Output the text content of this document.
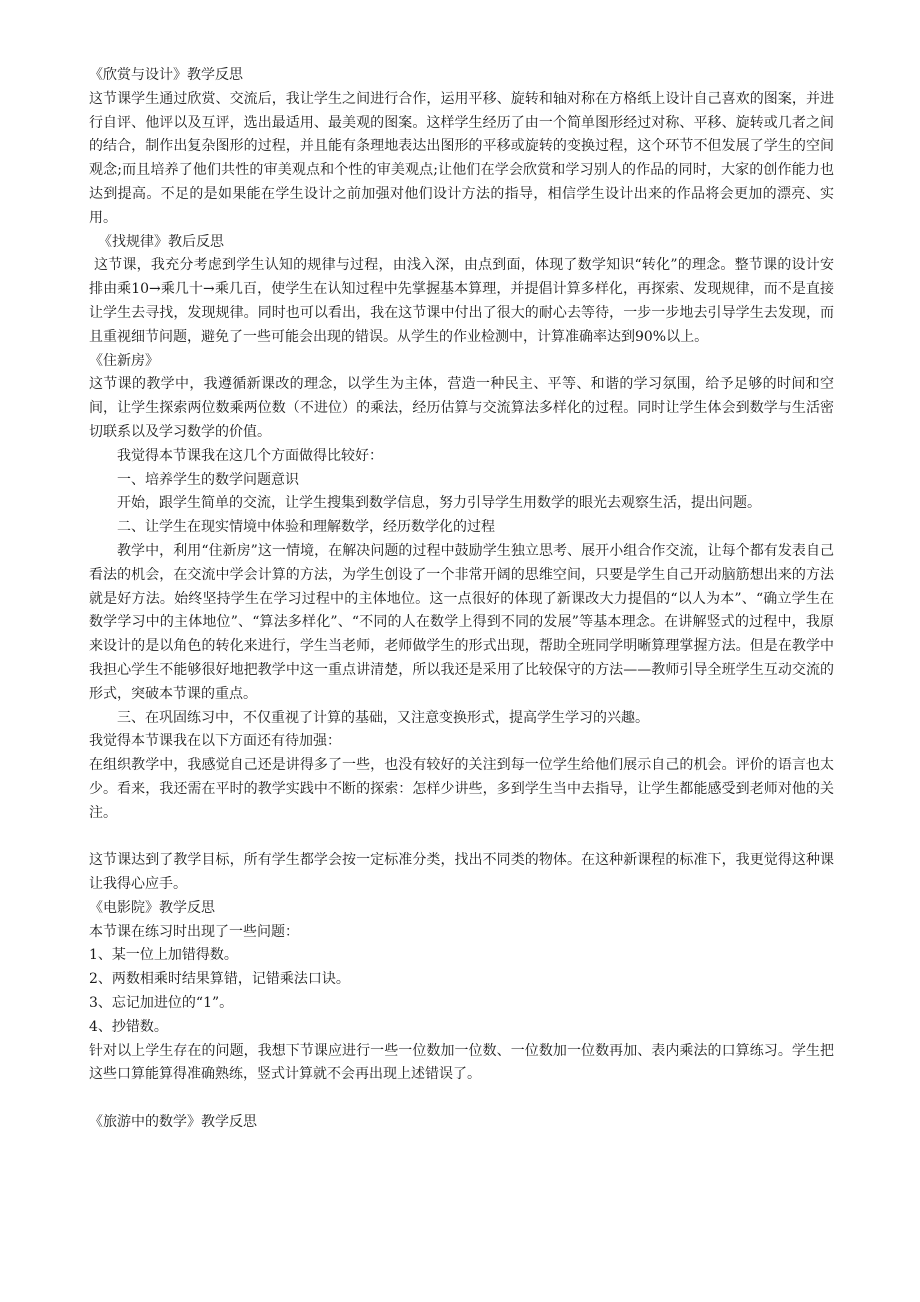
《欣赏与设计》教学反思

这节课学生通过欣赏、交流后，我让学生之间进行合作，运用平移、旋转和轴对称在方格纸上设计自己喜欢的图案，并进行自评、他评以及互评，选出最适用、最美观的图案。这样学生经历了由一个简单图形经过对称、平移、旋转或几者之间的结合，制作出复杂图形的过程，并且能有条理地表达出图形的平移或旋转的变换过程，这个环节不但发展了学生的空间观念;而且培养了他们共性的审美观点和个性的审美观点;让他们在学会欣赏和学习别人的作品的同时，大家的创作能力也达到提高。不足的是如果能在学生设计之前加强对他们设计方法的指导，相信学生设计出来的作品将会更加的漂亮、实用。

《找规律》教后反思

这节课，我充分考虑到学生认知的规律与过程，由浅入深，由点到面，体现了数学知识“转化”的理念。整节课的设计安排由乘10→乘几十→乘几百，使学生在认知过程中先掌握基本算理，并提倡计算多样化，再探索、发现规律，而不是直接让学生去寻找，发现规律。同时也可以看出，我在这节课中付出了很大的耐心去等待，一步一步地去引导学生去发现，而且重视细节问题，避免了一些可能会出现的错误。从学生的作业检测中，计算准确率达到90%以上。

《住新房》

这节课的教学中，我遵循新课改的理念，以学生为主体，营造一种民主、平等、和谐的学习氛围，给予足够的时间和空间，让学生探索两位数乘两位数（不进位）的乘法，经历估算与交流算法多样化的过程。同时让学生体会到数学与生活密切联系以及学习数学的价值。

我觉得本节课我在这几个方面做得比较好：

一、培养学生的数学问题意识

开始，跟学生简单的交流，让学生搜集到数学信息，努力引导学生用数学的眼光去观察生活，提出问题。

二、让学生在现实情境中体验和理解数学，经历数学化的过程

教学中，利用“住新房”这一情境，在解决问题的过程中鼓励学生独立思考、展开小组合作交流，让每个都有发表自己看法的机会，在交流中学会计算的方法，为学生创设了一个非常开阔的思维空间，只要是学生自己开动脑筋想出来的方法就是好方法。始终坚持学生在学习过程中的主体地位。这一点很好的体现了新课改大力提倡的“以人为本”、“确立学生在数学学习中的主体地位”、“算法多样化”、“不同的人在数学上得到不同的发展”等基本理念。在讲解竖式的过程中，我原来设计的是以角色的转化来进行，学生当老师，老师做学生的形式出现，帮助全班同学明晰算理掌握方法。但是在教学中我担心学生不能够很好地把教学中这一重点讲清楚，所以我还是采用了比较保守的方法——教师引导全班学生互动交流的形式，突破本节课的重点。

三、在巩固练习中，不仅重视了计算的基础，又注意变换形式，提高学生学习的兴趣。

我觉得本节课我在以下方面还有待加强：

在组织教学中，我感觉自己还是讲得多了一些，也没有较好的关注到每一位学生给他们展示自己的机会。评价的语言也太少。看来，我还需在平时的教学实践中不断的探索：怎样少讲些，多到学生当中去指导，让学生都能感受到老师对他的关注。

这节课达到了教学目标，所有学生都学会按一定标准分类，找出不同类的物体。在这种新课程的标准下，我更觉得这种课让我得心应手。

《电影院》教学反思

本节课在练习时出现了一些问题：

1、某一位上加错得数。

2、两数相乘时结果算错，记错乘法口诀。

3、忘记加进位的“1”。

4、抄错数。

针对以上学生存在的问题，我想下节课应进行一些一位数加一位数、一位数加一位数再加、表内乘法的口算练习。学生把这些口算能算得准确熟练，竖式计算就不会再出现上述错误了。

《旅游中的数学》教学反思
